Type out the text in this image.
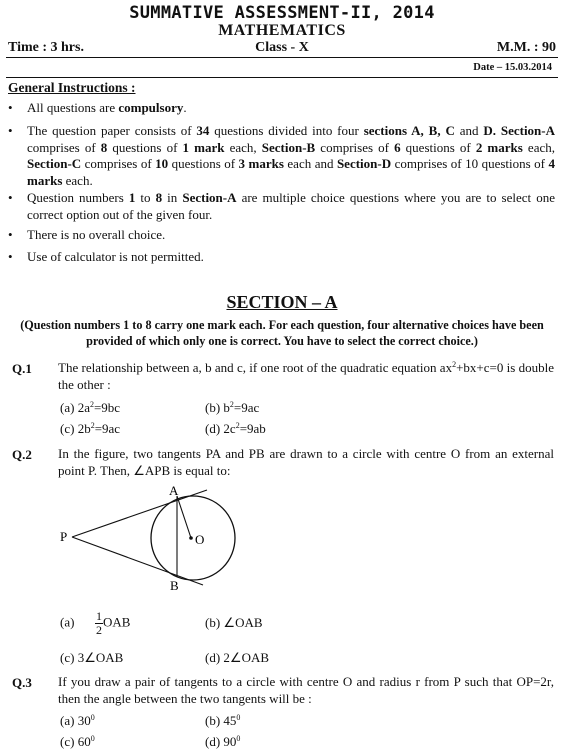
SUMMATIVE ASSESSMENT-II, 2014
MATHEMATICS
Time : 3 hrs.	Class - X	M.M. : 90
Date – 15.03.2014
General Instructions :
• All questions are compulsory.
• The question paper consists of 34 questions divided into four sections A, B, C and D. Section-A comprises of 8 questions of 1 mark each, Section-B comprises of 6 questions of 2 marks each, Section-C comprises of 10 questions of 3 marks each and Section-D comprises of 10 questions of 4 marks each.
• Question numbers 1 to 8 in Section-A are multiple choice questions where you are to select one correct option out of the given four.
• There is no overall choice.
• Use of calculator is not permitted.
SECTION – A
(Question numbers 1 to 8 carry one mark each. For each question, four alternative choices have been provided of which only one is correct. You have to select the correct choice.)
Q.1 The relationship between a, b and c, if one root of the quadratic equation $ax^2+bx+c=0$ is double the other :
(a) $2a^2=9bc$	(b) $b^2=9ac$
(c) $2b^2=9ac$	(d) $2c^2=9ab$
Q.2 In the figure, two tangents PA and PB are drawn to a circle with centre O from an external point P. Then, ∠APB is equal to:
A
B
P	O
$(a) \frac{1}{2}$ OAB	(b) ∠OAB
(c) 3∠OAB	(d) 2∠OAB
Q.3 If you draw a pair of tangents to a circle with centre O and radius r from P such that OP=2r, then the angle between the two tangents will be :
(a) $30^0$	(b) $45^0$
(c) $60^0$	(d) $90^0$
